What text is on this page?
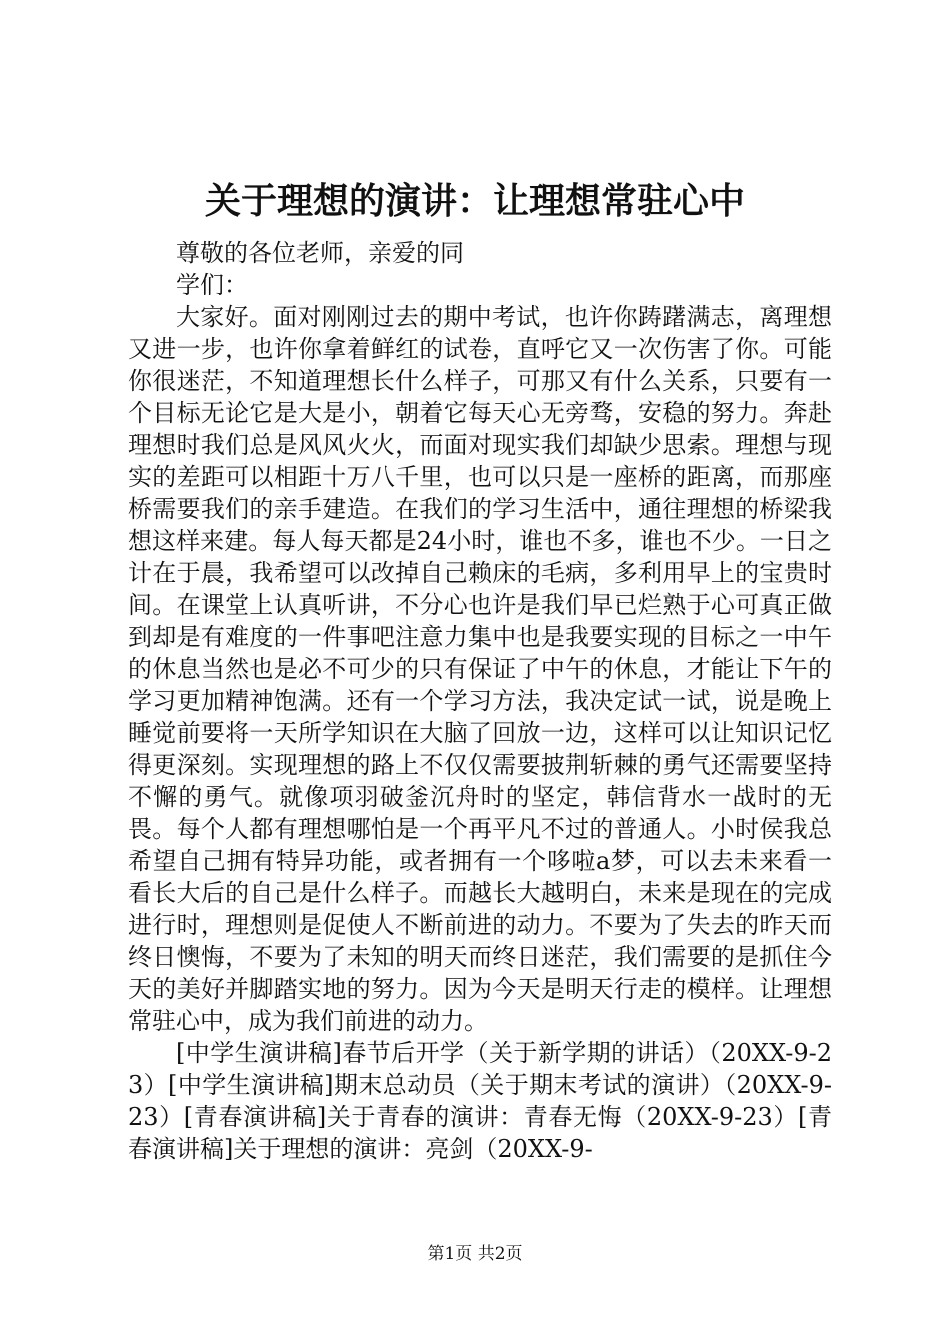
关于理想的演讲：让理想常驻心中

尊敬的各位老师，亲爱的同学们：

大家好。面对刚刚过去的期中考试，也许你踌躇满志，离理想又进一步，也许你拿着鲜红的试卷，直呼它又一次伤害了你。可能你很迷茫，不知道理想长什么样子，可那又有什么关系，只要有一个目标无论它是大是小，朝着它每天心无旁骛，安稳的努力。奔赴理想时我们总是风风火火，而面对现实我们却缺少思索。理想与现实的差距可以相距十万八千里，也可以只是一座桥的距离，而那座桥需要我们的亲手建造。在我们的学习生活中，通往理想的桥梁我想这样来建。每人每天都是24小时，谁也不多，谁也不少。一日之计在于晨，我希望可以改掉自己赖床的毛病，多利用早上的宝贵时间。在课堂上认真听讲，不分心也许是我们早已烂熟于心可真正做到却是有难度的一件事吧注意力集中也是我要实现的目标之一中午的休息当然也是必不可少的只有保证了中午的休息，才能让下午的学习更加精神饱满。还有一个学习方法，我决定试一试，说是晚上睡觉前要将一天所学知识在大脑了回放一边，这样可以让知识记忆得更深刻。实现理想的路上不仅仅需要披荆斩棘的勇气还需要坚持不懈的勇气。就像项羽破釜沉舟时的坚定，韩信背水一战时的无畏。每个人都有理想哪怕是一个再平凡不过的普通人。小时侯我总希望自己拥有特异功能，或者拥有一个哆啦a梦，可以去未来看一看长大后的自己是什么样子。而越长大越明白，未来是现在的完成进行时，理想则是促使人不断前进的动力。不要为了失去的昨天而终日懊悔，不要为了未知的明天而终日迷茫，我们需要的是抓住今天的美好并脚踏实地的努力。因为今天是明天行走的模样。让理想常驻心中，成为我们前进的动力。

[中学生演讲稿]春节后开学（关于新学期的讲话）（20XX-9-23）[中学生演讲稿]期末总动员（关于期末考试的演讲）（20XX-9-23）[青春演讲稿]关于青春的演讲：青春无悔（20XX-9-23）[青春演讲稿]关于理想的演讲：亮剑（20XX-9-

第1页 共2页
